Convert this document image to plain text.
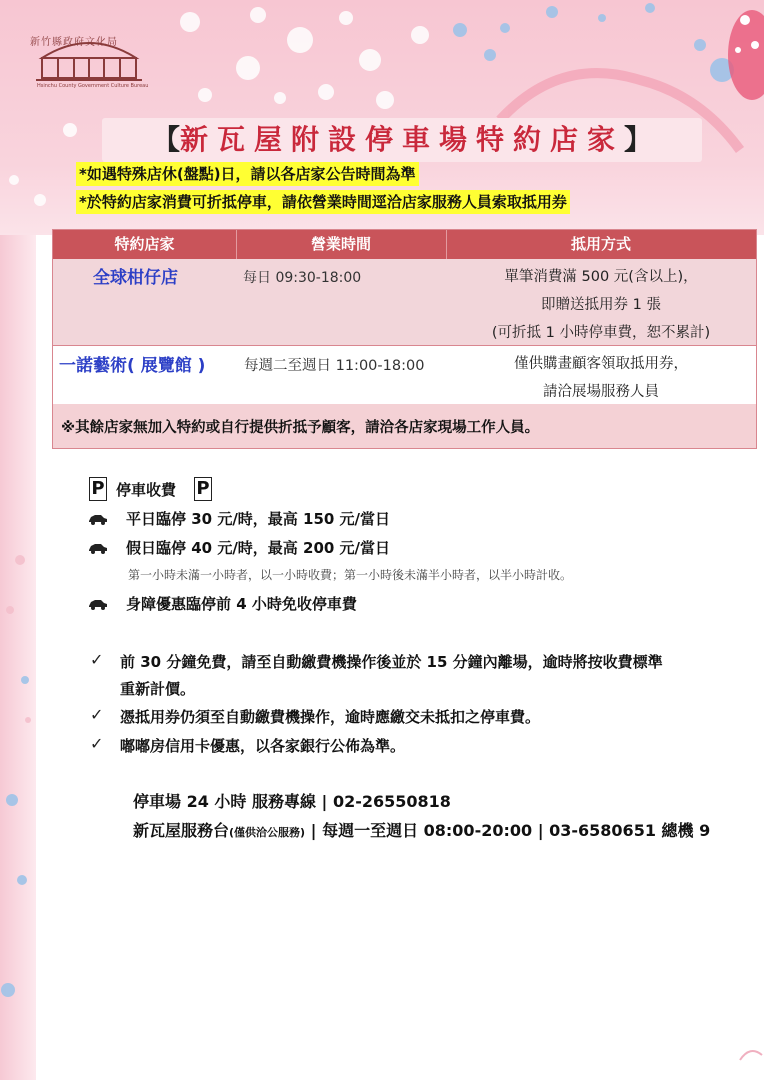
新竹縣政府文化局
Hsinchu County Government Culture Bureau
【新瓦屋附設停車場特約店家】
*如遇特殊店休(盤點)日，請以各店家公告時間為準
*於特約店家消費可折抵停車，請依營業時間逕洽店家服務人員索取抵用券
特約店家	營業時間	抵用方式
全球柑仔店	每日 09:30-18:00	單筆消費滿 500 元(含以上)，
即贈送抵用券 1 張
(可折抵 1 小時停車費，恕不累計)
一諾藝術( 展覽館 )	每週二至週日 11:00-18:00	僅供購畫顧客領取抵用券，
請洽展場服務人員
※其餘店家無加入特約或自行提供折抵予顧客，請洽各店家現場工作人員。
P 停車收費 P
平日臨停 30 元/時，最高 150 元/當日
假日臨停 40 元/時，最高 200 元/當日
第一小時未滿一小時者，以一小時收費；第一小時後未滿半小時者，以半小時計收。
身障優惠臨停前 4 小時免收停車費
✓ 前 30 分鐘免費，請至自動繳費機操作後並於 15 分鐘內離場，逾時將按收費標準
重新計價。
✓ 憑抵用券仍須至自動繳費機操作，逾時應繳交未抵扣之停車費。
✓ 嘟嘟房信用卡優惠，以各家銀行公佈為準。
停車場 24 小時 服務專線 | 02-26550818
新瓦屋服務台(僅供洽公服務) | 每週一至週日 08:00-20:00 | 03-6580651 總機 9
